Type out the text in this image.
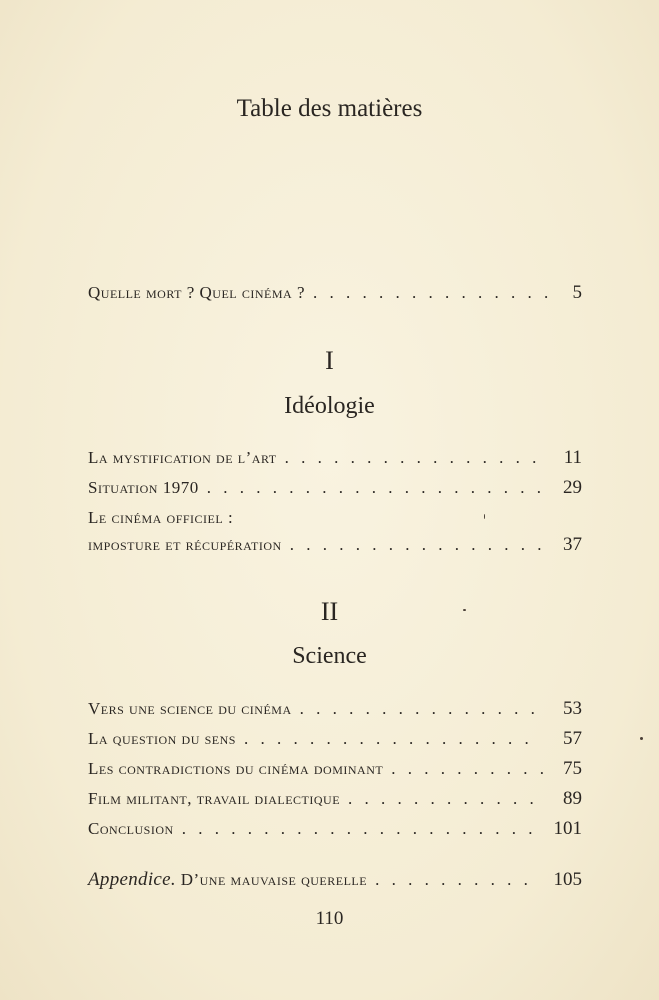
Table des matières
Quelle mort ? Quel cinéma ? . . .	5
I
Idéologie
La mystification de l’art . . .	11
Situation 1970 . . .	29
Le cinéma officiel :
imposture et récupération . . .	37
II
Science
Vers une science du cinéma . . .	53
La question du sens . . .	57
Les contradictions du cinéma dominant . . .	75
Film militant, travail dialectique . . .	89
Conclusion . . .	101
Appendice. D’une mauvaise querelle . . .	105
110
